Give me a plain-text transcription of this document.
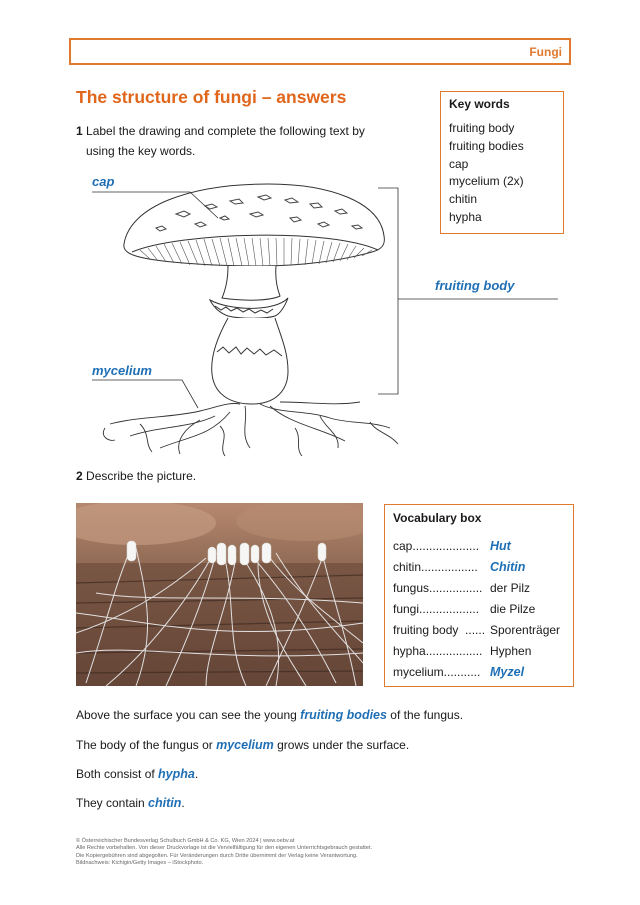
Fungi
The structure of fungi – answers
1 Label the drawing and complete the following text by
using the key words.
Key words
fruiting body
fruiting bodies
cap
mycelium (2x)
chitin
hypha
cap
fruiting body
mycelium
2 Describe the picture.
Vocabulary box
cap.................... Hut
chitin................. Chitin
fungus................ der Pilz
fungi.................. die Pilze
fruiting body  ...... Sporenträger
hypha................. Hyphen
mycelium........... Myzel
Above the surface you can see the young fruiting bodies of the fungus.
The body of the fungus or mycelium grows under the surface.
Both consist of hypha.
They contain chitin.
© Österreichischer Bundesverlag Schulbuch GmbH & Co. KG, Wien 2024 | www.oebv.at
Alle Rechte vorbehalten. Von dieser Druckvorlage ist die Vervielfältigung für den eigenen Unterrichtsgebrauch gestattet.
Die Kopiergebühren sind abgegolten. Für Veränderungen durch Dritte übernimmt der Verlag keine Verantwortung.
Bildnachweis: Kichigin/Getty Images – iStockphoto.
